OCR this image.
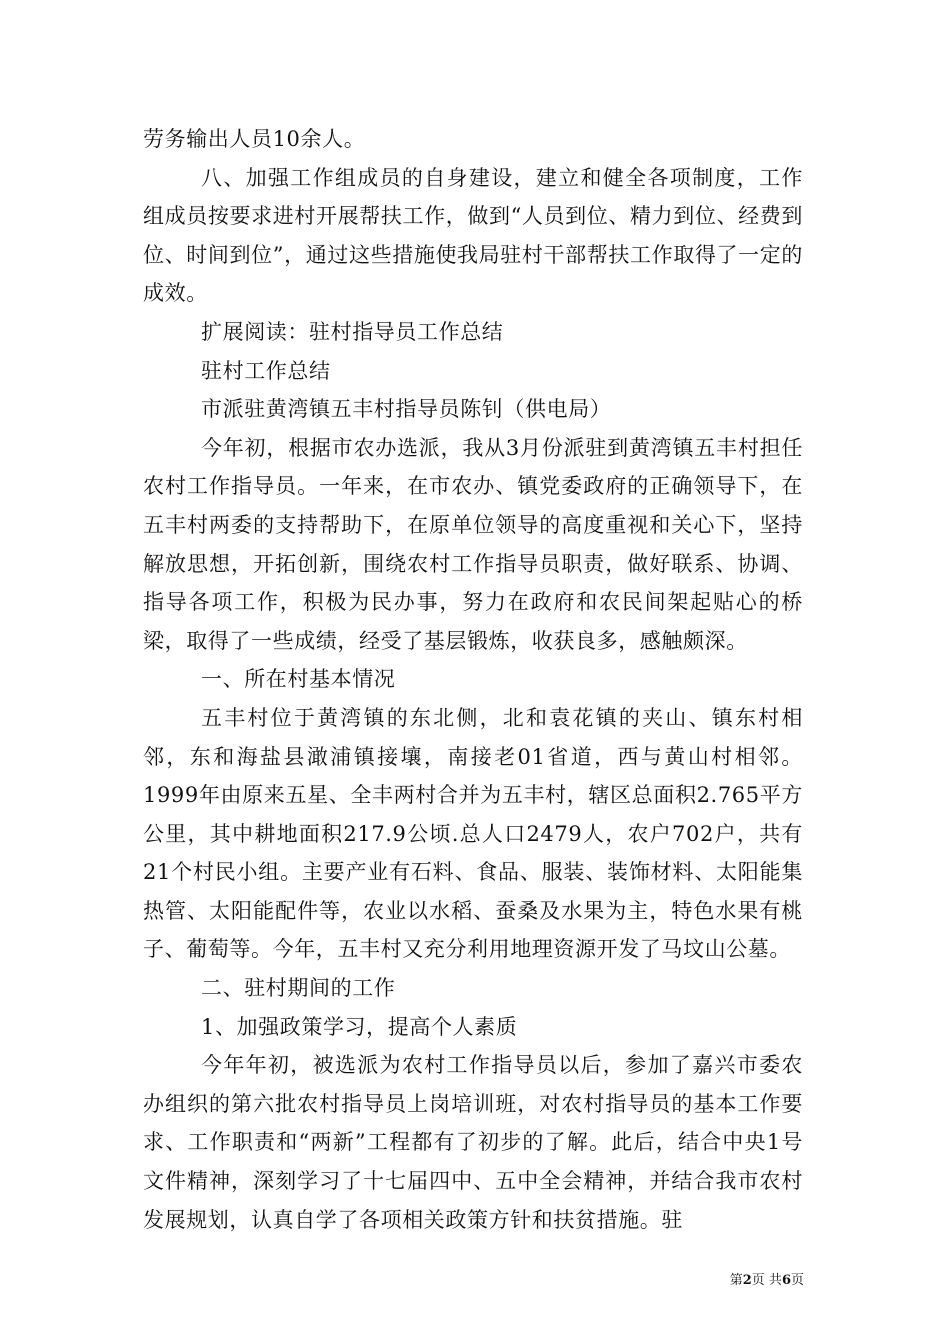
劳务输出人员10余人。

八、加强工作组成员的自身建设，建立和健全各项制度，工作组成员按要求进村开展帮扶工作，做到“人员到位、精力到位、经费到位、时间到位”，通过这些措施使我局驻村干部帮扶工作取得了一定的成效。

扩展阅读：驻村指导员工作总结

驻村工作总结

市派驻黄湾镇五丰村指导员陈钊（供电局）

今年初，根据市农办选派，我从3月份派驻到黄湾镇五丰村担任农村工作指导员。一年来，在市农办、镇党委政府的正确领导下，在五丰村两委的支持帮助下，在原单位领导的高度重视和关心下，坚持解放思想，开拓创新，围绕农村工作指导员职责，做好联系、协调、指导各项工作，积极为民办事，努力在政府和农民间架起贴心的桥梁，取得了一些成绩，经受了基层锻炼，收获良多，感触颇深。

一、所在村基本情况

五丰村位于黄湾镇的东北侧，北和袁花镇的夹山、镇东村相邻，东和海盐县澉浦镇接壤，南接老01省道，西与黄山村相邻。1999年由原来五星、全丰两村合并为五丰村，辖区总面积2.765平方公里，其中耕地面积217.9公顷.总人口2479人，农户702户，共有21个村民小组。主要产业有石料、食品、服装、装饰材料、太阳能集热管、太阳能配件等，农业以水稻、蚕桑及水果为主，特色水果有桃子、葡萄等。今年，五丰村又充分利用地理资源开发了马坟山公墓。

二、驻村期间的工作

1、加强政策学习，提高个人素质

今年年初，被选派为农村工作指导员以后，参加了嘉兴市委农办组织的第六批农村指导员上岗培训班，对农村指导员的基本工作要求、工作职责和“两新”工程都有了初步的了解。此后，结合中央1号文件精神，深刻学习了十七届四中、五中全会精神，并结合我市农村发展规划，认真自学了各项相关政策方针和扶贫措施。驻

第2页 共6页
